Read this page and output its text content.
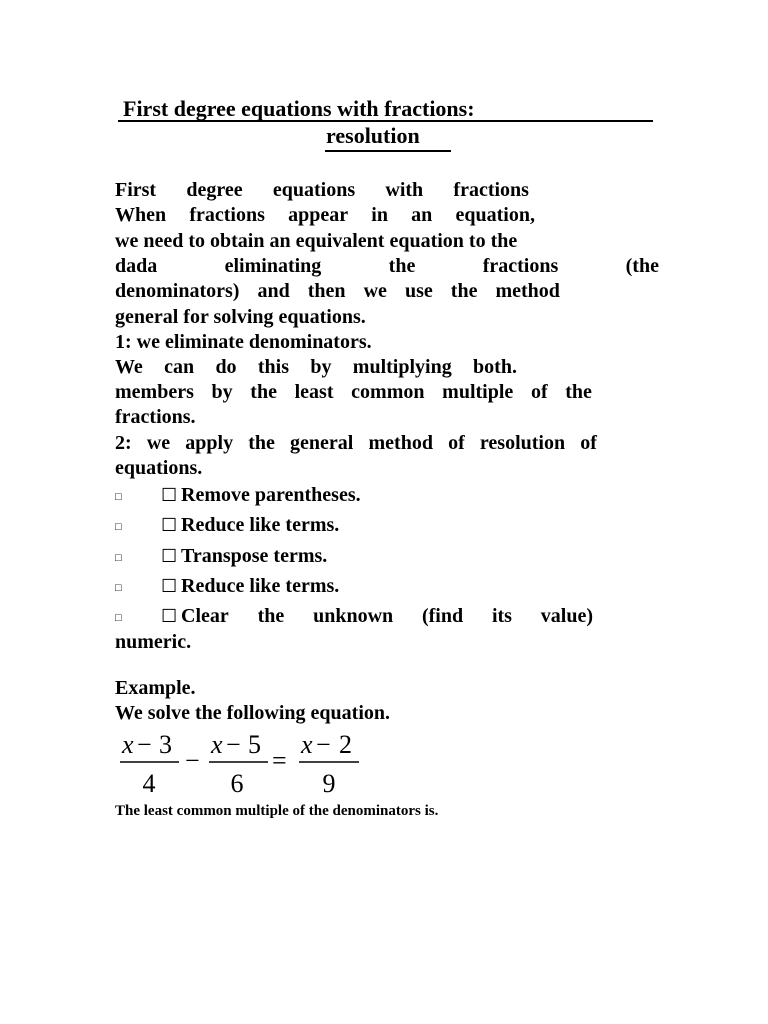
First degree equations with fractions:
resolution
First degree equations with fractions
When fractions appear in an equation,
we need to obtain an equivalent equation to the
dada	eliminating	the	fractions	(the
denominators) and then we use the method
general for solving equations.
1: we eliminate denominators.
We can do this by multiplying both.
members by the least common multiple of the
fractions.
2: we apply the general method of resolution of
equations.
□ ☐ Remove parentheses.
□ ☐ Reduce like terms.
□ ☐ Transpose terms.
□ ☐ Reduce like terms.
□ ☐ Clear the unknown (find its value)
numeric.
Example.
We solve the following equation.
x − 3
4
−
x − 5
6
=
x − 2
9
The least common multiple of the denominators is.
